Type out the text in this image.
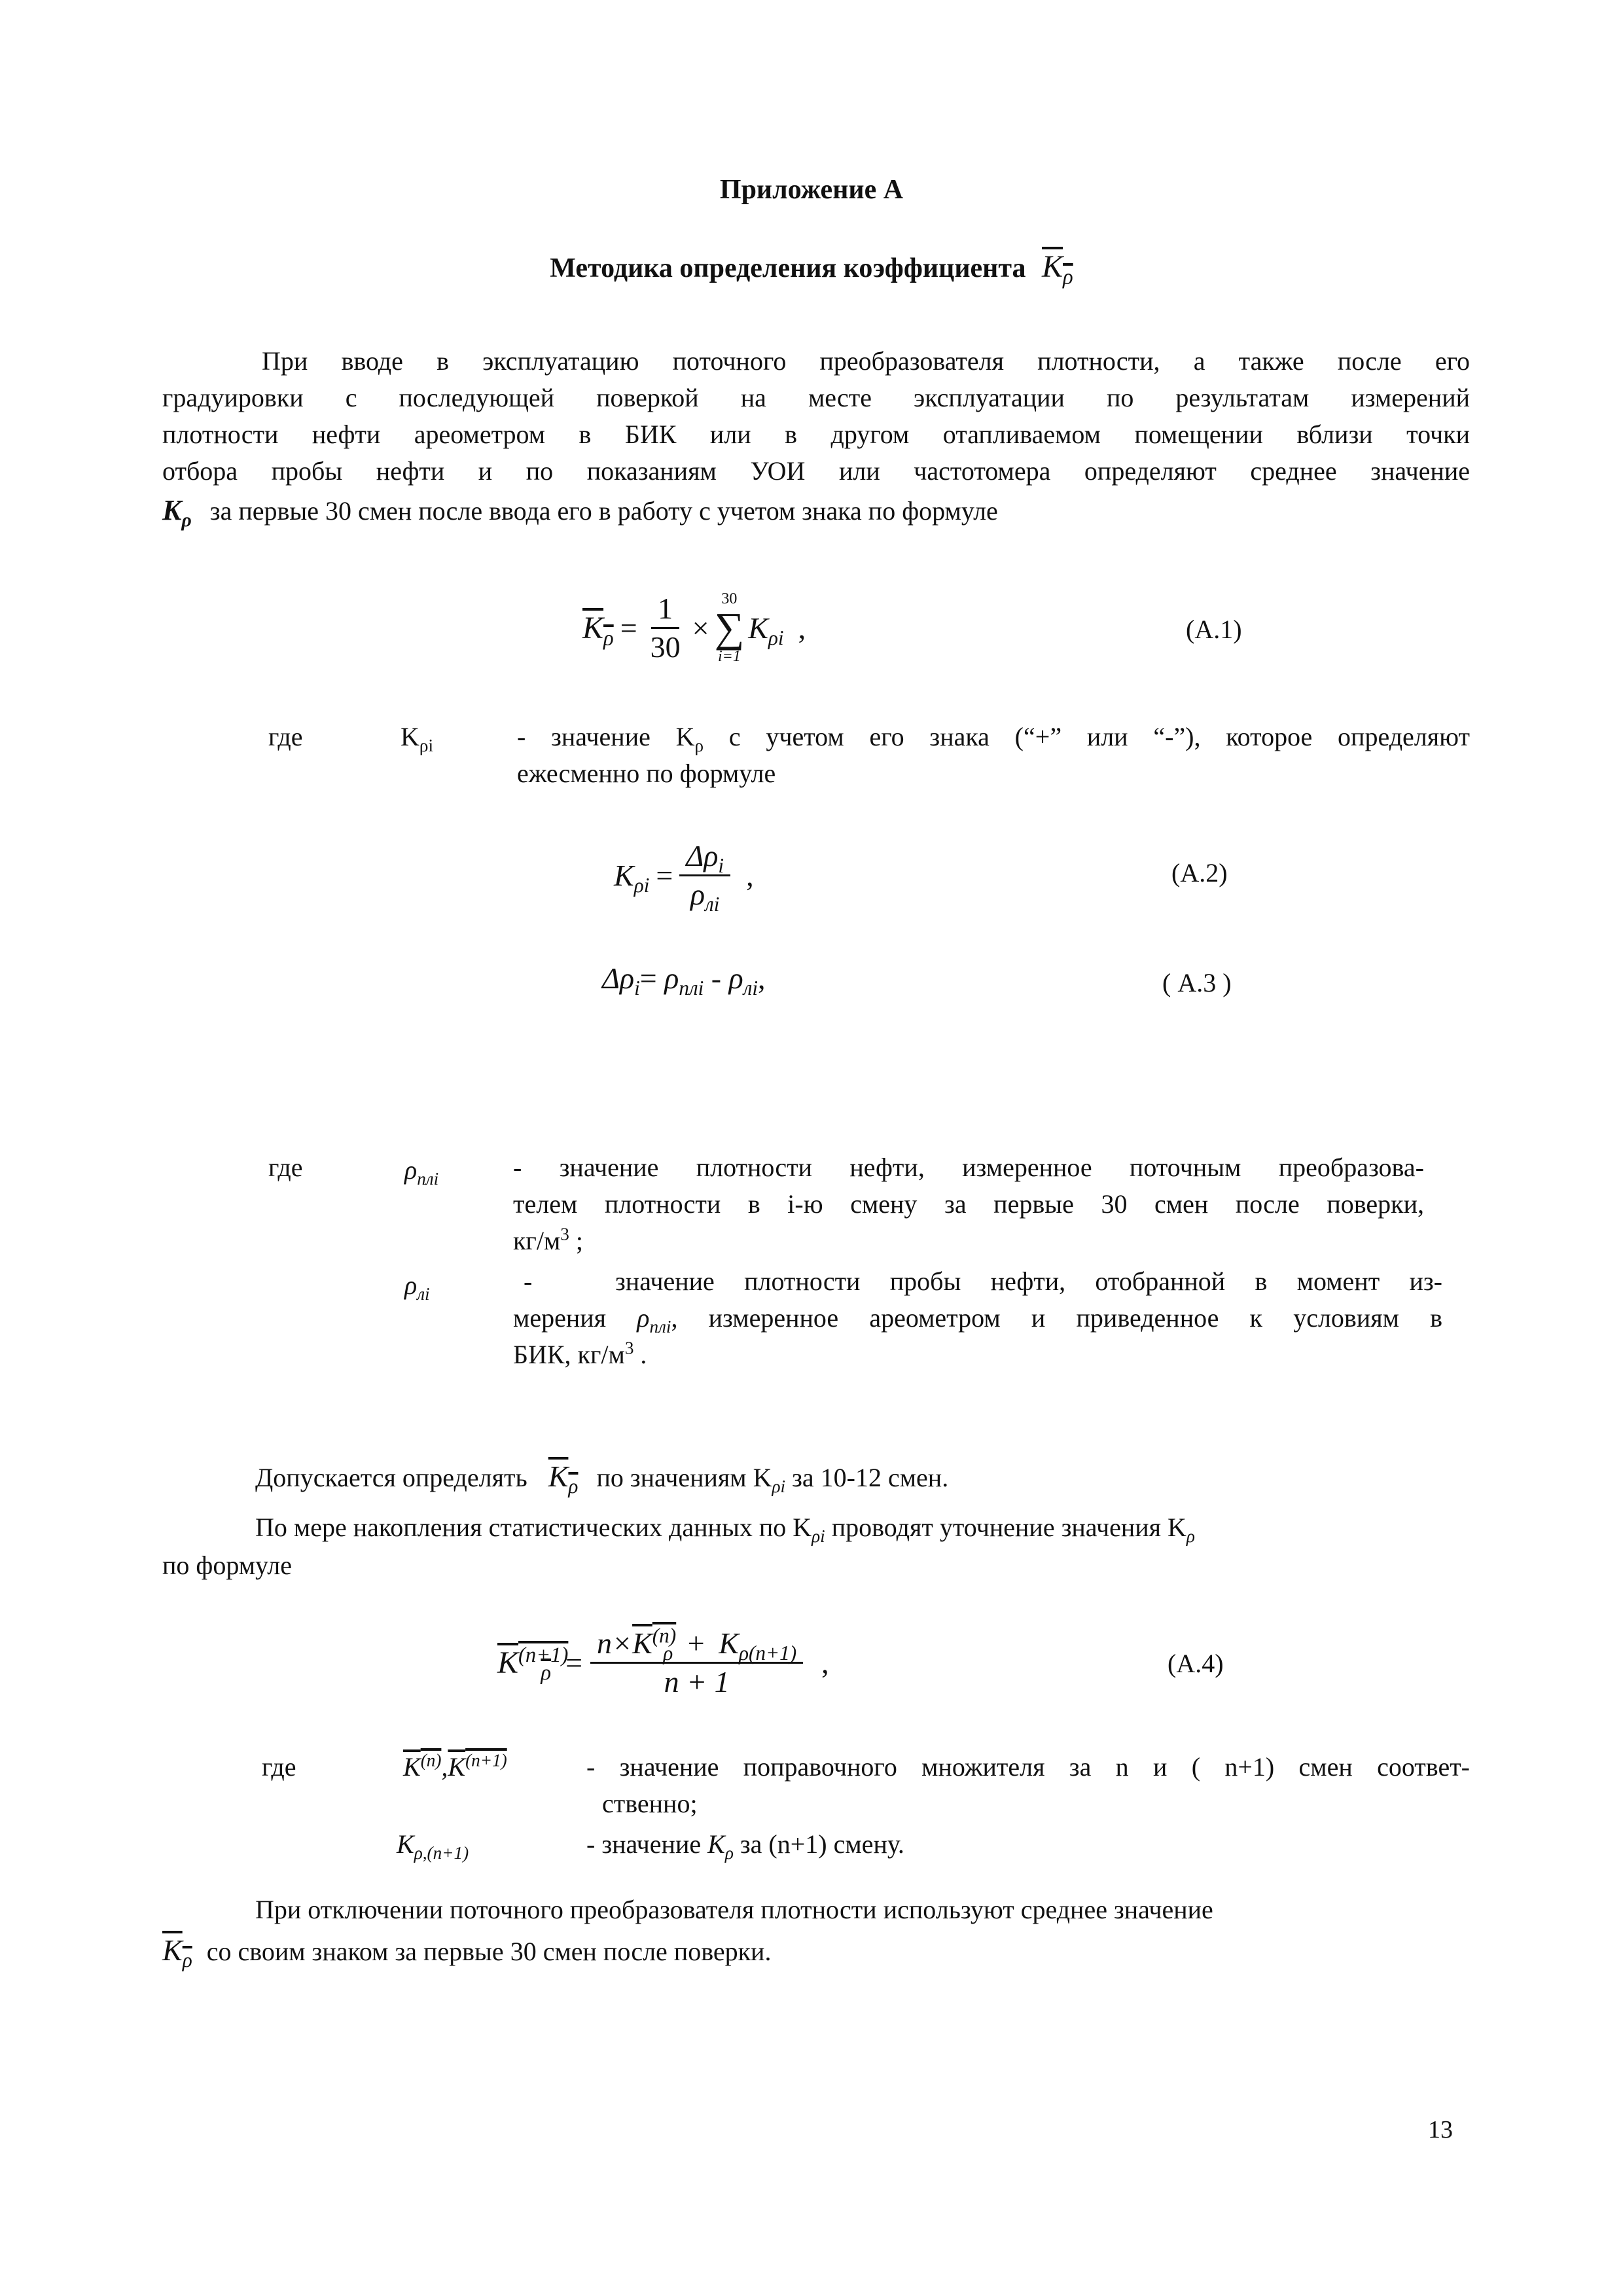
Приложение А
Методика определения коэффициента $K_\rho$
При вводе в эксплуатацию поточного преобразователя плотности, а также после его
градуировки с последующей поверкой на месте эксплуатации по результатам измерений
плотности нефти ареометром в БИК или в другом отапливаемом помещении вблизи точки
отбора пробы нефти и по показаниям УОИ или частотомера определяют среднее значение
$K_\rho$ за первые 30 смен после ввода его в работу с учетом знака по формуле
$K_\rho = \frac{1}{30}$ ×
30
∑
i=1
$K_{\rho i}$ ,	(А.1)
где	$K_{\rho i}$	- значение $K_\rho$ с учетом его знака (“+” или “-”), которое определяют
ежесменно по формуле
$K_{\rho i} = \frac{\Delta\rho_i}{\rho_{лi}}$ ,	(А.2)
$\Delta\rho_i= \rho_{плi} - \rho_{лi}$,	( А.3 )
где	$\rho_{плi}$	- значение плотности нефти, измеренное поточным преобразова-
телем плотности в i-ю смену за первые 30 смен после поверки,
$кг/м^3$ ;
$\rho_{лi}$	-	значение плотности пробы нефти, отобранной в момент из-
мерения $\rho_{плi}$, измеренное ареометром и приведенное к условиям в
БИК, $кг/м^3$ .
Допускается определять $K_\rho$ по значениям $K_{\rho i}$ за 10-12 смен.
По мере накопления статистических данных по $K_{\rho i}$ проводят уточнение значения $K_\rho$
по формуле
$K^{(n+1)}_\rho = \frac{n\times K^{(n)}_\rho + K_{\rho(n+1)}}{n + 1}$ ,	(А.4)
где	$K^{(n)},K^{(n+1)}$	- значение поправочного множителя за n и ( n+1) смен соответ-
ственно;
$K_{\rho,(n+1)}$	- значение $K_\rho$ за (n+1) смену.
При отключении поточного преобразователя плотности используют среднее значение
$K_\rho$ со своим знаком за первые 30 смен после поверки.
13
